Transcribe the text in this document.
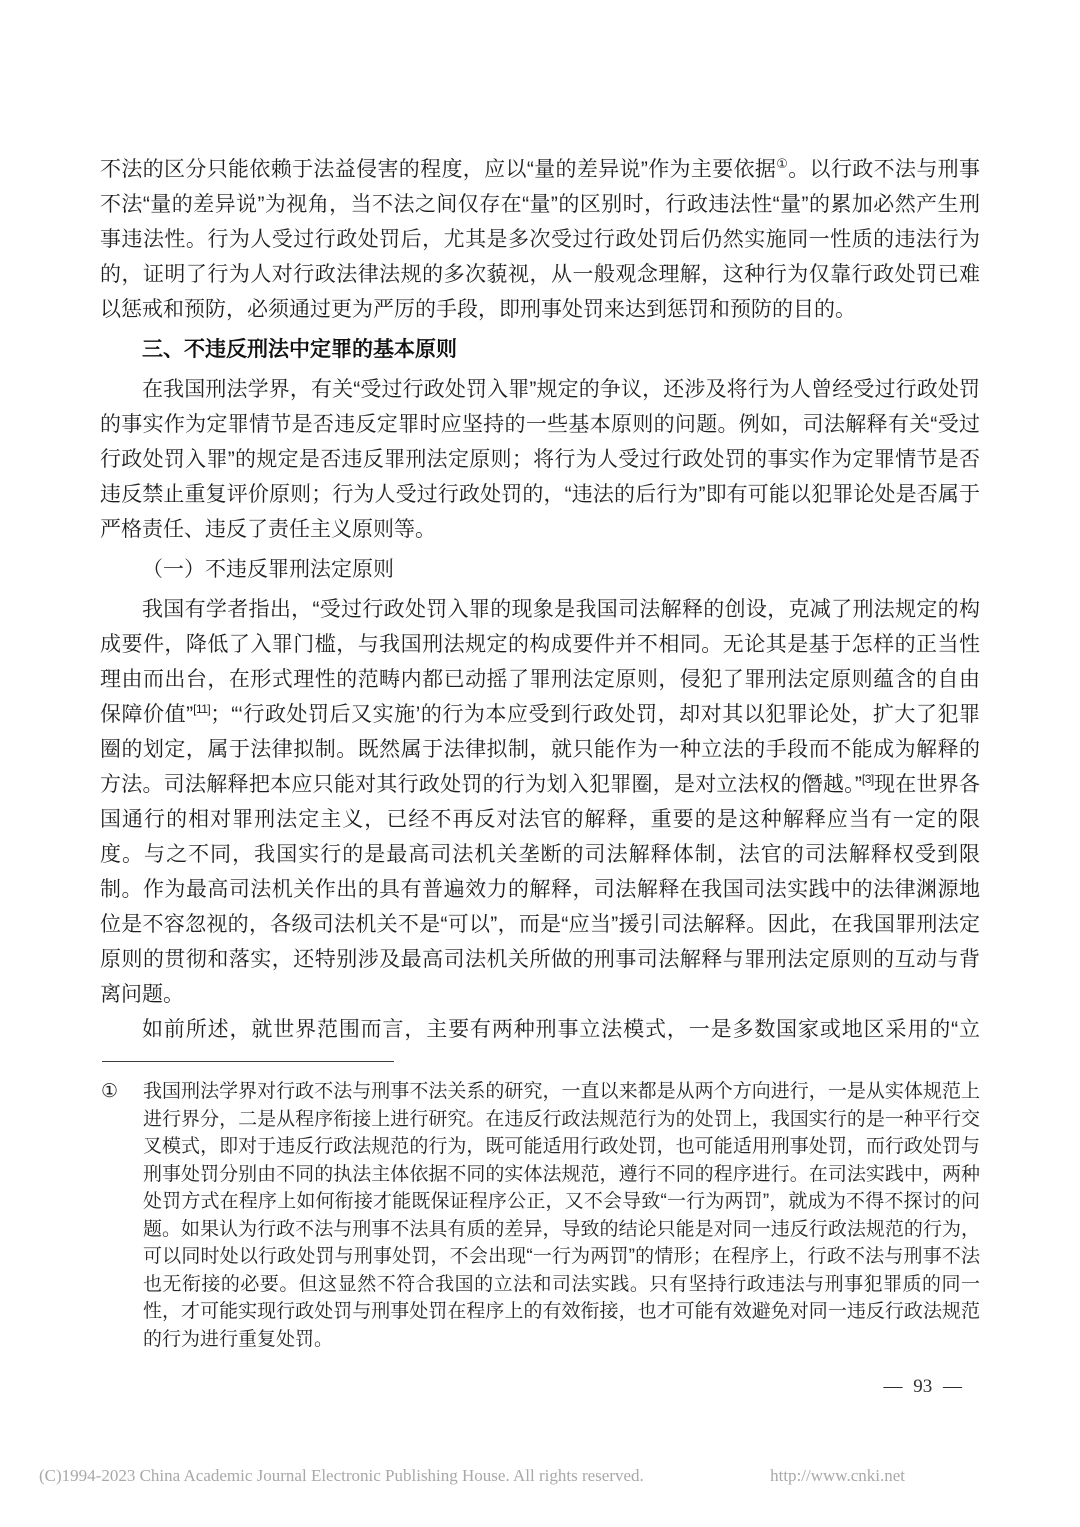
不法的区分只能依赖于法益侵害的程度，应以“量的差异说”作为主要依据①。以行政不法与刑事不法“量的差异说”为视角，当不法之间仅存在“量”的区别时，行政违法性“量”的累加必然产生刑事违法性。行为人受过行政处罚后，尤其是多次受过行政处罚后仍然实施同一性质的违法行为的，证明了行为人对行政法律法规的多次藐视，从一般观念理解，这种行为仅靠行政处罚已难以惩戒和预防，必须通过更为严厉的手段，即刑事处罚来达到惩罚和预防的目的。

三、不违反刑法中定罪的基本原则

在我国刑法学界，有关“受过行政处罚入罪”规定的争议，还涉及将行为人曾经受过行政处罚的事实作为定罪情节是否违反定罪时应坚持的一些基本原则的问题。例如，司法解释有关“受过行政处罚入罪”的规定是否违反罪刑法定原则；将行为人受过行政处罚的事实作为定罪情节是否违反禁止重复评价原则；行为人受过行政处罚的，“违法的后行为”即有可能以犯罪论处是否属于严格责任、违反了责任主义原则等。

（一）不违反罪刑法定原则

我国有学者指出，“受过行政处罚入罪的现象是我国司法解释的创设，克减了刑法规定的构成要件，降低了入罪门槛，与我国刑法规定的构成要件并不相同。无论其是基于怎样的正当性理由而出台，在形式理性的范畴内都已动摇了罪刑法定原则，侵犯了罪刑法定原则蕴含的自由保障价值”[11]；“‘行政处罚后又实施’的行为本应受到行政处罚，却对其以犯罪论处，扩大了犯罪圈的划定，属于法律拟制。既然属于法律拟制，就只能作为一种立法的手段而不能成为解释的方法。司法解释把本应只能对其行政处罚的行为划入犯罪圈，是对立法权的僭越。”[3]现在世界各国通行的相对罪刑法定主义，已经不再反对法官的解释，重要的是这种解释应当有一定的限度。与之不同，我国实行的是最高司法机关垄断的司法解释体制，法官的司法解释权受到限制。作为最高司法机关作出的具有普遍效力的解释，司法解释在我国司法实践中的法律渊源地位是不容忽视的，各级司法机关不是“可以”，而是“应当”援引司法解释。因此，在我国罪刑法定原则的贯彻和落实，还特别涉及最高司法机关所做的刑事司法解释与罪刑法定原则的互动与背离问题。

如前所述，就世界范围而言，主要有两种刑事立法模式，一是多数国家或地区采用的“立

① 我国刑法学界对行政不法与刑事不法关系的研究，一直以来都是从两个方向进行，一是从实体规范上进行界分，二是从程序衔接上进行研究。在违反行政法规范行为的处罚上，我国实行的是一种平行交叉模式，即对于违反行政法规范的行为，既可能适用行政处罚，也可能适用刑事处罚，而行政处罚与刑事处罚分别由不同的执法主体依据不同的实体法规范，遵行不同的程序进行。在司法实践中，两种处罚方式在程序上如何衔接才能既保证程序公正，又不会导致“一行为两罚”，就成为不得不探讨的问题。如果认为行政不法与刑事不法具有质的差异，导致的结论只能是对同一违反行政法规范的行为，可以同时处以行政处罚与刑事处罚，不会出现“一行为两罚”的情形；在程序上，行政不法与刑事不法也无衔接的必要。但这显然不符合我国的立法和司法实践。只有坚持行政违法与刑事犯罪质的同一性，才可能实现行政处罚与刑事处罚在程序上的有效衔接，也才可能有效避免对同一违反行政法规范的行为进行重复处罚。
— 93 —
(C)1994-2023 China Academic Journal Electronic Publishing House. All rights reserved.	http://www.cnki.net
